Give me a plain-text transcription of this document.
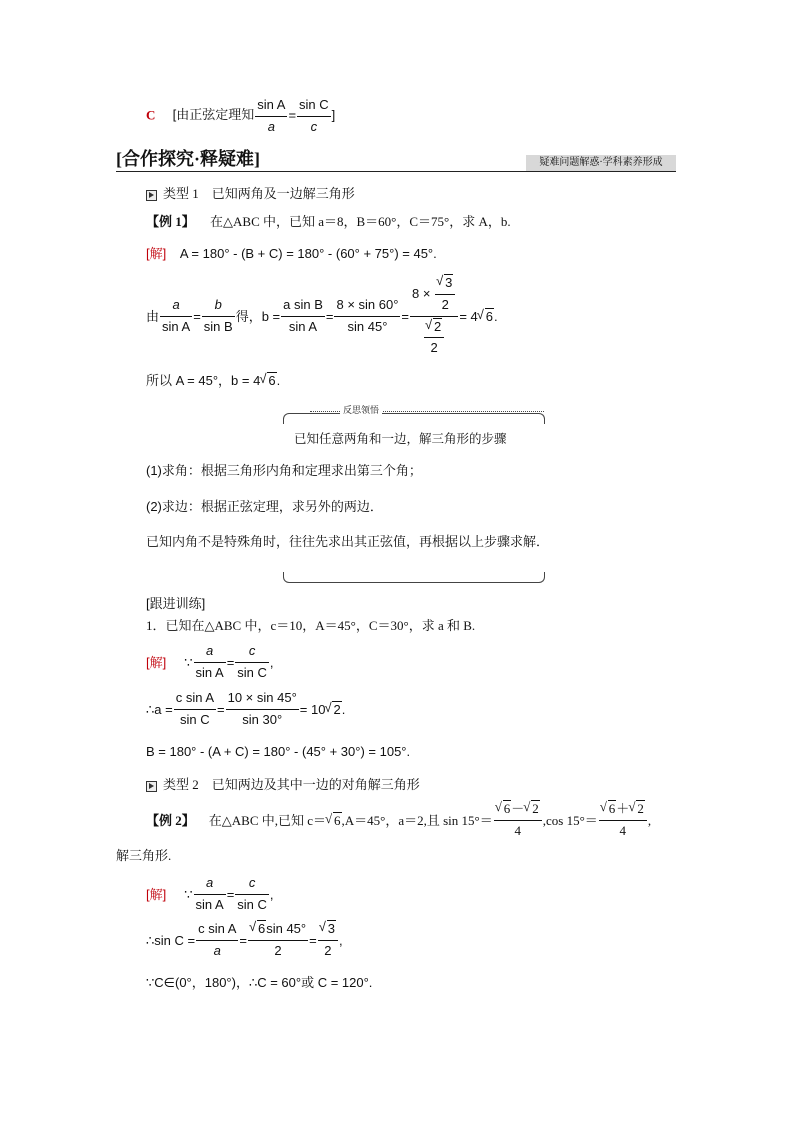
C [由正弦定理知 $\frac{\text{sin A}}{a} = \frac{\text{sin C}}{c}$ ]
[合作探究·释疑难]	疑难问题解惑·学科素养形成
类型 1　已知两角及一边解三角形
【例 1】 在△ABC 中，已知 a＝8，B＝60°，C＝75°，求 A，b.
[解] A = 180° - (B + C) = 180° - (60° + 75°) = 45°.
由 $\frac{a}{\text{sin A}} = \frac{b}{\text{sin B}}$ 得，$b = \frac{\text{a sin B}}{\text{sin A}} = \frac{8 \times \sin 60^\circ}{\sin 45^\circ} = 8$ × √ $\frac{3}{2}$
√ $\frac{2}{2} = 4$ √ 6 .
所以 A = 45°，b = 4 √ 6.
反思领悟
已知任意两角和一边，解三角形的步骤
(1)求角：根据三角形内角和定理求出第三个角；
(2)求边：根据正弦定理，求另外的两边．
已知内角不是特殊角时，往往先求出其正弦值，再根据以上步骤求解．
[跟进训练]
1．已知在△ABC 中，c＝10，A＝45°，C＝30°，求 a 和 B.
[解] ∵ $\frac{a}{\text{sin A}} = \frac{c}{\text{sin C}}$ ,
∴a = $\frac{\text{c sin A}}{\text{sin C}} = \frac{10 \times \sin 45^\circ}{\sin 30^\circ} = 10$ √ 2 .
B = 180° - (A + C) = 180° - (45° + 30°) = 105°.
类型 2　已知两边及其中一边的对角解三角形
【例 2】 在△ABC 中,已知 c＝ √ 6 ,A＝45°，a＝2,且 sin 15°＝ √ $\frac{6- √ 2}{4} ,\cos$ 15°＝ √ $\frac{6+ √ 2}{4}$ ,
解三角形.
[解] ∵ $\frac{a}{\text{sin A}} = \frac{c}{\text{sin C}}$ ,
∴sin $C = \frac{\text{c sin A}}{a}$ = √ $\frac{6\sin 45^\circ}{2}$ = √ $\frac{3}{2}$ ,
∵C∈(0°，180°)，∴C = 60°或 C = 120°.
